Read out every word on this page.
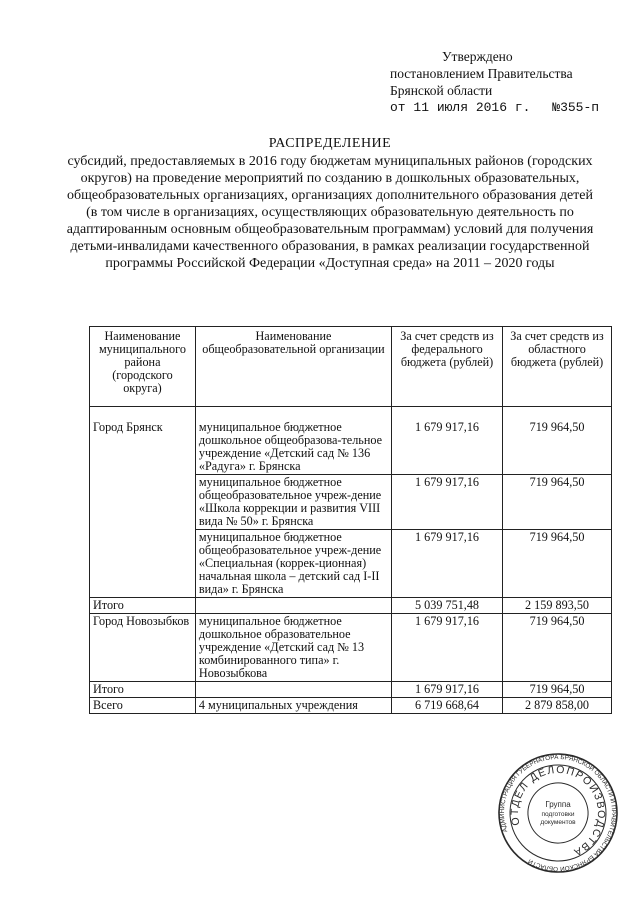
Утверждено
постановлением Правительства
Брянской области
от 11 июля 2016 г. №355-п
РАСПРЕДЕЛЕНИЕ
субсидий, предоставляемых в 2016 году бюджетам муниципальных районов (городских округов) на проведение мероприятий по созданию в дошкольных образовательных, общеобразовательных организациях, организациях дополнительного образования детей (в том числе в организациях, осуществляющих образовательную деятельность по адаптированным основным общеобразовательным программам) условий для получения детьми-инвалидами качественного образования, в рамках реализации государственной программы Российской Федерации «Доступная среда» на 2011 – 2020 годы
Наименование муниципального района (городского округа)	Наименование общеобразовательной организации	За счет средств из федерального бюджета (рублей)	За счет средств из областного бюджета (рублей)
Город Брянск	муниципальное бюджетное дошкольное общеобразова-тельное учреждение «Детский сад № 136 «Радуга» г. Брянска	1 679 917,16	719 964,50
	муниципальное бюджетное общеобразовательное учреж-дение «Школа коррекции и развития VIII вида № 50» г. Брянска	1 679 917,16	719 964,50
	муниципальное бюджетное общеобразовательное учреж-дение «Специальная (коррек-ционная) начальная школа – детский сад I-II вида» г. Брянска	1 679 917,16	719 964,50
Итого		5 039 751,48	2 159 893,50
Город Новозыбков	муниципальное бюджетное дошкольное образовательное учреждение «Детский сад № 13 комбинированного типа» г. Новозыбкова	1 679 917,16	719 964,50
Итого		1 679 917,16	719 964,50
Всего	4 муниципальных учреждения	6 719 668,64	2 879 858,00
АДМИНИСТРАЦИЯ ГУБЕРНАТОРА БРЯНСКОЙ ОБЛАСТИ И ПРАВИТЕЛЬСТВА БРЯНСКОЙ ОБЛАСТИ
ОТДЕЛ ДЕЛОПРОИЗВОДСТВА
Группа
подготовки
документов
